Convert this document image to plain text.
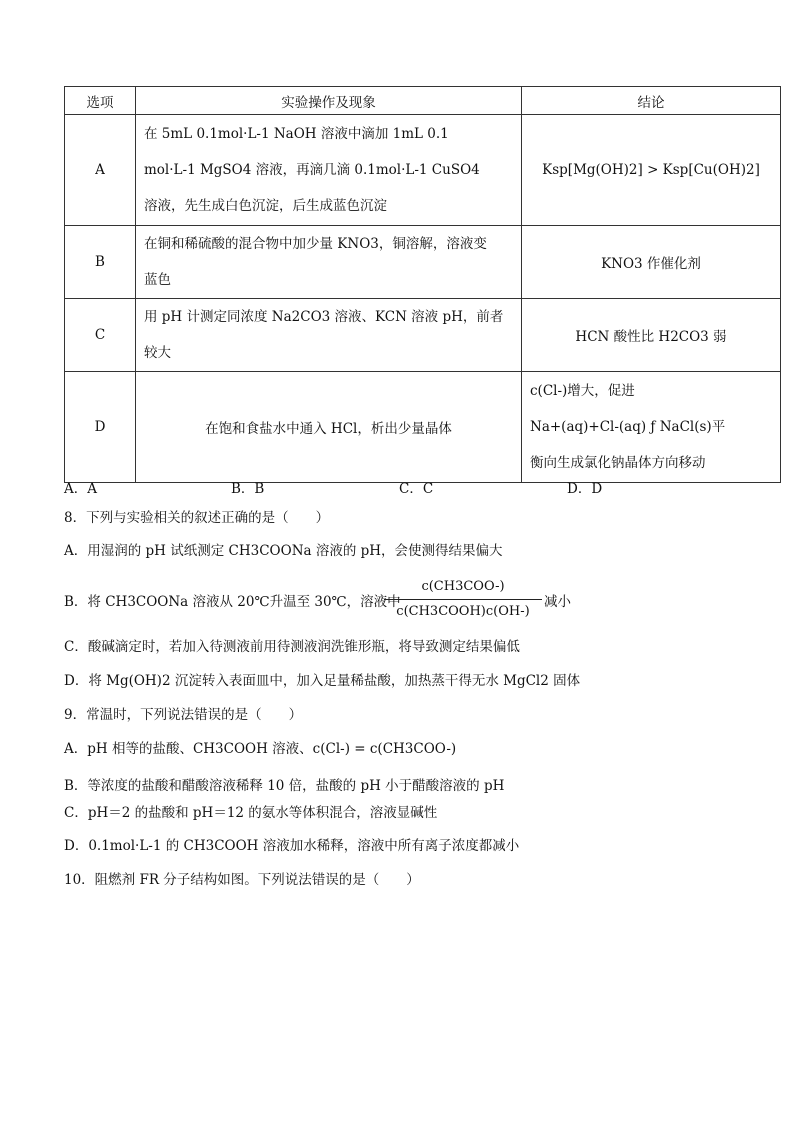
选项	实验操作及现象	结论
A	在 5mL 0.1mol·L-1 NaOH 溶液中滴加 1mL 0.1
mol·L-1 MgSO4 溶液，再滴几滴 0.1mol·L-1 CuSO4
溶液，先生成白色沉淀，后生成蓝色沉淀	Ksp[Mg(OH)2] > Ksp[Cu(OH)2]
B	在铜和稀硫酸的混合物中加少量 KNO3，铜溶解，溶液变
蓝色	KNO3 作催化剂
C	用 pH 计测定同浓度 Na2CO3 溶液、KCN 溶液 pH，前者
较大	HCN 酸性比 H2CO3 弱
D	在饱和食盐水中通入 HCl，析出少量晶体	c(Cl-)增大，促进
Na+(aq)+Cl-(aq) ƒ NaCl(s)平
衡向生成氯化钠晶体方向移动
A．A	B．B	C．C	D．D
8．下列与实验相关的叙述正确的是（　　）
A．用湿润的 pH 试纸测定 CH3COONa 溶液的 pH，会使测得结果偏大
B．将 CH3COONa 溶液从 20℃升温至 30℃，溶液中
c(CH3COO-)
c(CH3COOH)c(OH-)
减小
C．酸碱滴定时，若加入待测液前用待测液润洗锥形瓶，将导致测定结果偏低
D．将 Mg(OH)2 沉淀转入表面皿中，加入足量稀盐酸，加热蒸干得无水 MgCl2 固体
9．常温时，下列说法错误的是（　　）
A．pH 相等的盐酸、CH3COOH 溶液、c(Cl-) = c(CH3COO-)
B．等浓度的盐酸和醋酸溶液稀释 10 倍，盐酸的 pH 小于醋酸溶液的 pH
C．pH＝2 的盐酸和 pH＝12 的氨水等体积混合，溶液显碱性
D．0.1mol·L-1 的 CH3COOH 溶液加水稀释，溶液中所有离子浓度都减小
10．阻燃剂 FR 分子结构如图。下列说法错误的是（　　）
